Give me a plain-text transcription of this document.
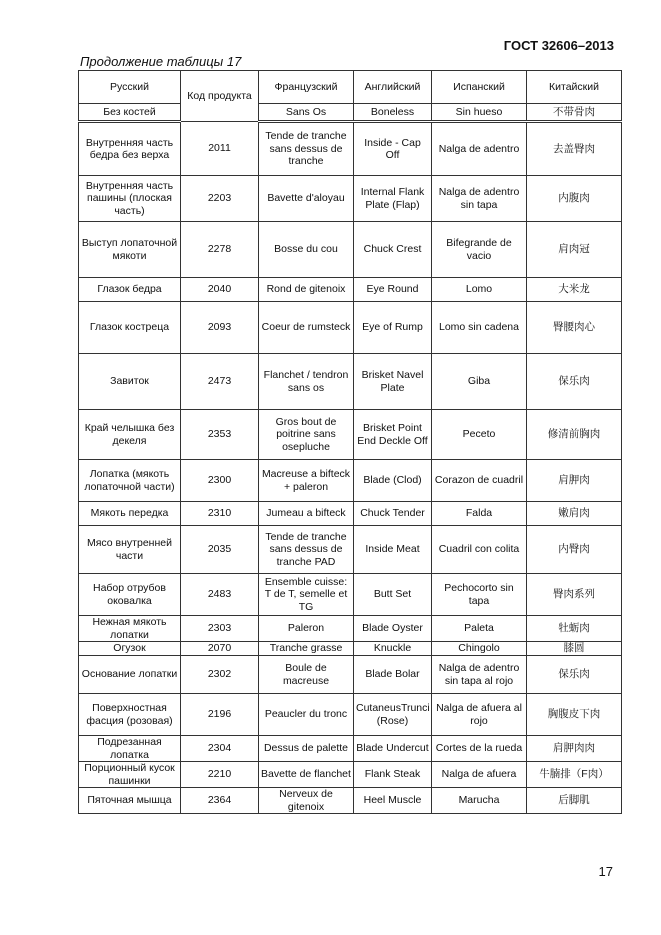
ГОСТ 32606–2013
Продолжение таблицы 17
Русский	Код продукта	Французский	Английский	Испанский	Китайский
Без костей		Sans Os	Boneless	Sin hueso	不带骨肉
Внутренняя часть бедра без верха	2011	Tende de tranche sans dessus de tranche	Inside - Cap Off	Nalga de adentro	去盖臀肉
Внутренняя часть пашины (плоская часть)	2203	Bavette d'aloyau	Internal Flank Plate (Flap)	Nalga de adentro sin tapa	内腹肉
Выступ лопаточной мякоти	2278	Bosse du cou	Chuck Crest	Bifegrande de vacio	肩肉冠
Глазок бедра	2040	Rond de gitenoix	Eye Round	Lomo	大米龙
Глазок костреца	2093	Coeur de rumsteck	Eye of Rump	Lomo sin cadena	臀腰肉心
Завиток	2473	Flanchet / tendron sans os	Brisket Navel Plate	Giba	保乐肉
Край челышка без декеля	2353	Gros bout de poitrine sans osepluche	Brisket Point End Deckle Off	Peceto	修清前胸肉
Лопатка (мякоть лопаточной части)	2300	Macreuse a bifteck + paleron	Blade (Clod)	Corazon de cuadril	肩胛肉
Мякоть передка	2310	Jumeau a bifteck	Chuck Tender	Falda	嫩肩肉
Мясо внутренней части	2035	Tende de tranche sans dessus de tranche PAD	Inside Meat	Cuadril con colita	内臀肉
Набор отрубов оковалка	2483	Ensemble cuisse: T de T, semelle et TG	Butt Set	Pechocorto sin tapa	臀肉系列
Нежная мякоть лопатки	2303	Paleron	Blade Oyster	Paleta	牡蛎肉
Огузок	2070	Tranche grasse	Knuckle	Chingolo	膝圆
Основание лопатки	2302	Boule de macreuse	Blade Bolar	Nalga de adentro sin tapa al rojo	保乐肉
Поверхностная фасция (розовая)	2196	Peaucler du tronc	CutaneusTrunci (Rose)	Nalga de afuera al rojo	胸腹皮下肉
Подрезанная лопатка	2304	Dessus de palette	Blade Undercut	Cortes de la rueda	肩胛肉肉
Порционный кусок пашинки	2210	Bavette de flanchet	Flank Steak	Nalga de afuera	牛腩排（F肉）
Пяточная мышца	2364	Nerveux de gitenoix	Heel Muscle	Marucha	后脚肌
17
